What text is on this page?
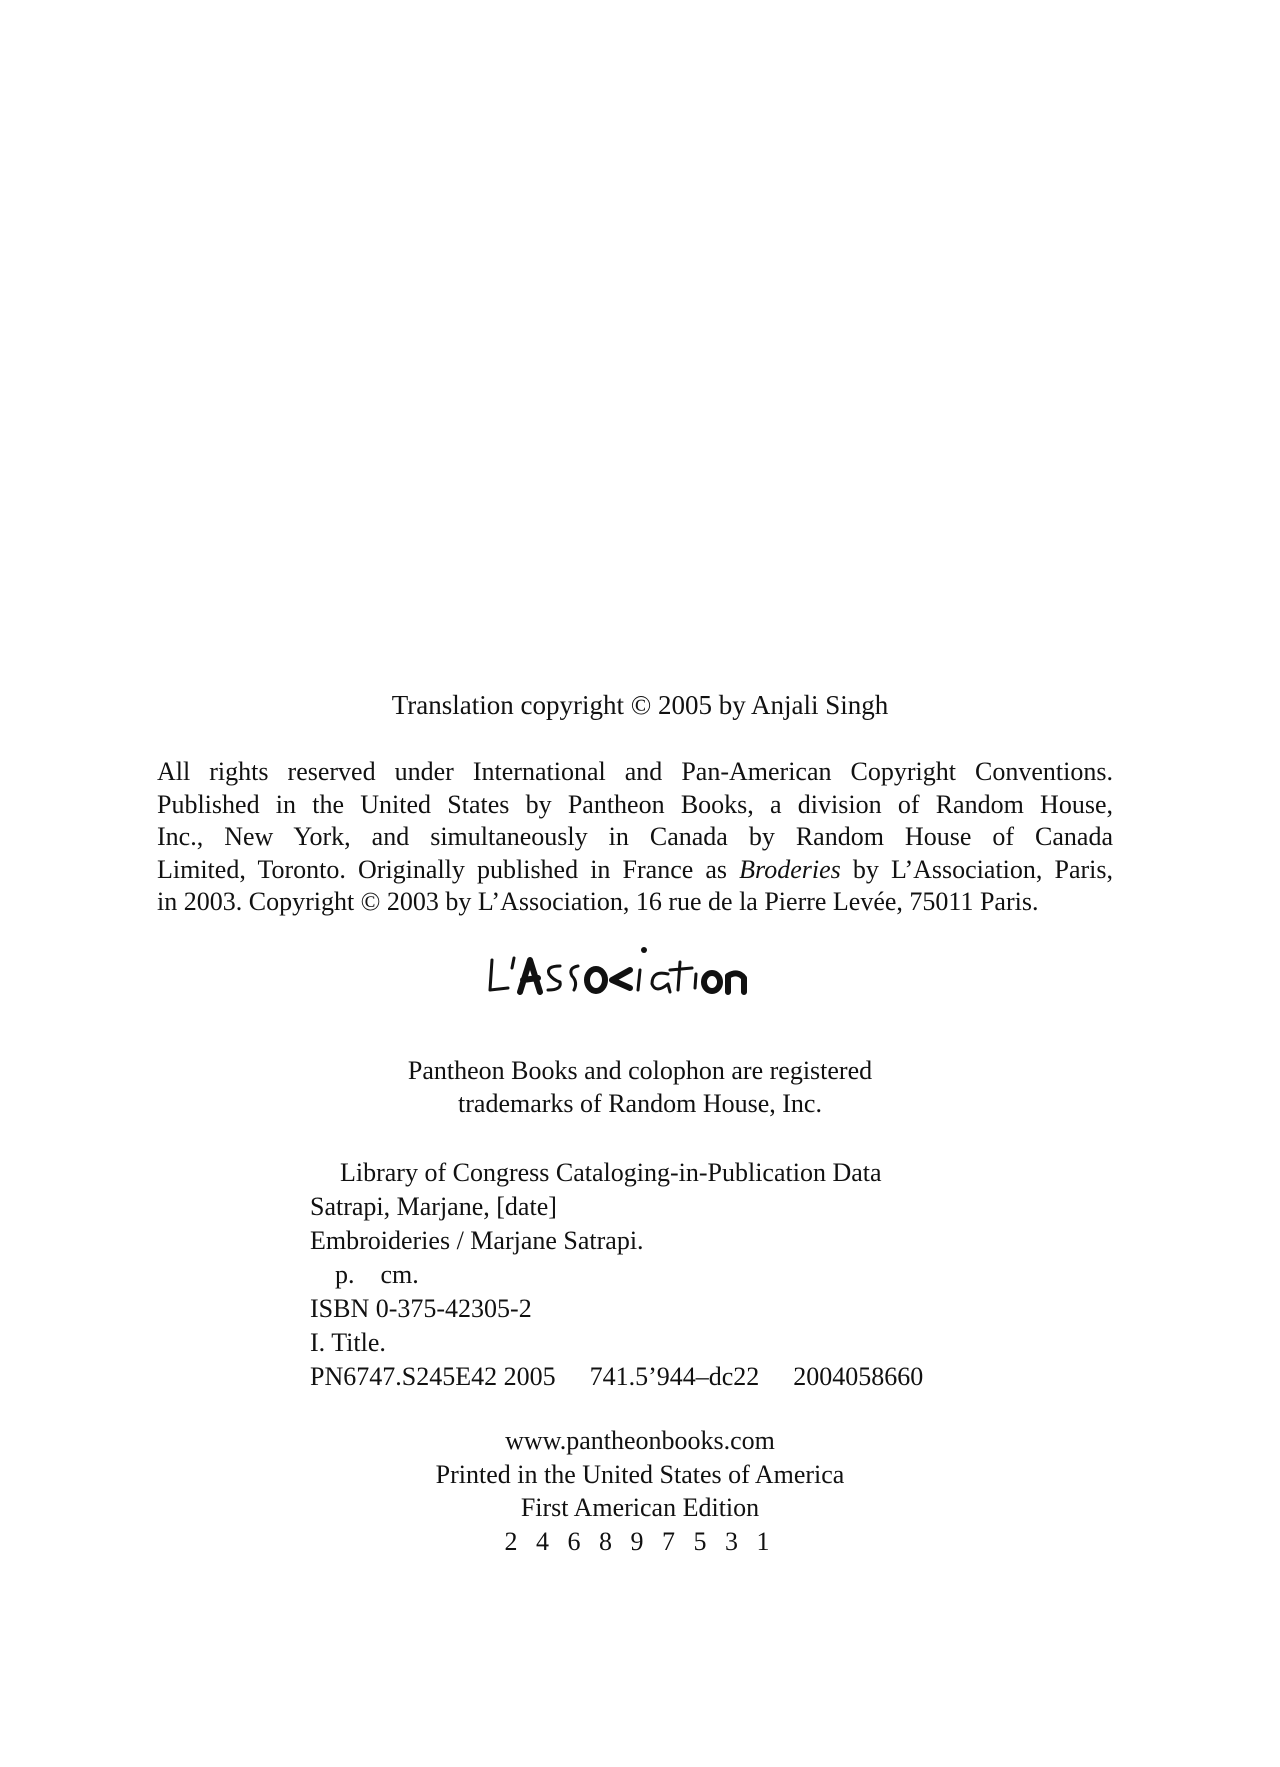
Translation copyright © 2005 by Anjali Singh
All rights reserved under International and Pan-American Copyright Conventions.
Published in the United States by Pantheon Books, a division of Random House,
Inc., New York, and simultaneously in Canada by Random House of Canada
Limited, Toronto. Originally published in France as Broderies by L’Association, Paris,
in 2003. Copyright © 2003 by L’Association, 16 rue de la Pierre Levée, 75011 Paris.
Pantheon Books and colophon are registered
trademarks of Random House, Inc.
Library of Congress Cataloging-in-Publication Data
Satrapi, Marjane, [date]
Embroideries / Marjane Satrapi.
p.    cm.
ISBN 0-375-42305-2
I. Title.
PN6747.S245E42 2005 741.5’944–dc22 2004058660
www.pantheonbooks.com
Printed in the United States of America
First American Edition
2 4 6 8 9 7 5 3 1
